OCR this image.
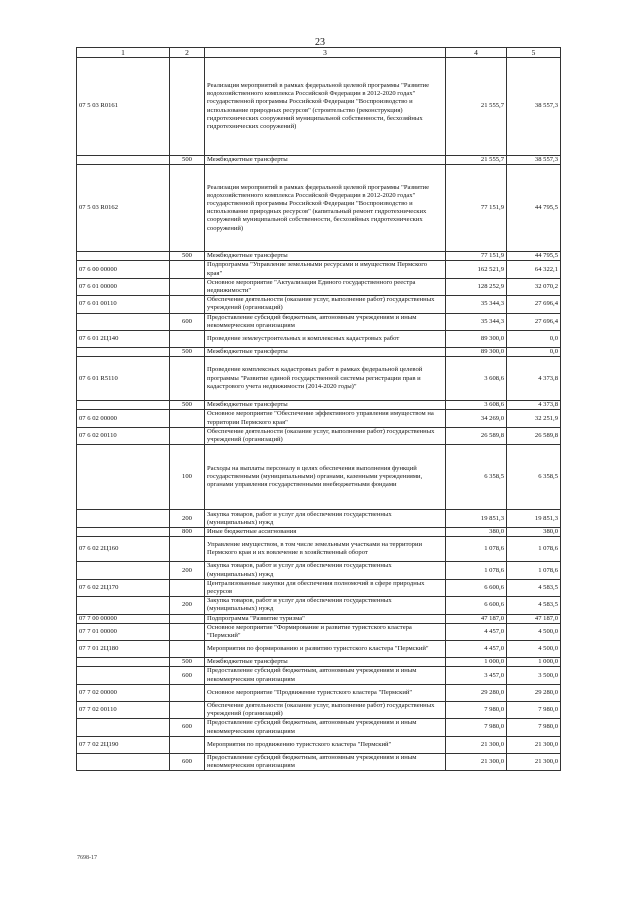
23
1	2	3	4	5
07 5 03 R0161		Реализация мероприятий в рамках федеральной целевой программы "Развитие водохозяйственного комплекса Российской Федерации в 2012-2020 годах" государственной программы Российской Федерации "Воспроизводство и использование природных ресурсов" (строительство (реконструкция) гидротехнических сооружений муниципальной собственности, бесхозяйных гидротехнических сооружений)	21 555,7	38 557,3
	500	Межбюджетные трансферты	21 555,7	38 557,3
07 5 03 R0162		Реализация мероприятий в рамках федеральной целевой программы "Развитие водохозяйственного комплекса Российской Федерации в 2012-2020 годах" государственной программы Российской Федерации "Воспроизводство и использование природных ресурсов" (капитальный ремонт гидротехнических сооружений муниципальной собственности, бесхозяйных гидротехнических сооружений)	77 151,9	44 795,5
	500	Межбюджетные трансферты	77 151,9	44 795,5
07 6 00 00000		Подпрограмма "Управление земельными ресурсами и имуществом Пермского края"	162 521,9	64 322,1
07 6 01 00000		Основное мероприятие "Актуализация Единого государственного реестра недвижимости"	128 252,9	32 070,2
07 6 01 00110		Обеспечение деятельности (оказание услуг, выполнение работ) государственных учреждений (организаций)	35 344,3	27 696,4
	600	Предоставление субсидий бюджетным, автономным учреждениям и иным некоммерческим организациям	35 344,3	27 696,4
07 6 01 2Ц140		Проведение землеустроительных и комплексных кадастровых работ	89 300,0	0,0
	500	Межбюджетные трансферты	89 300,0	0,0
07 6 01 R5110		Проведение комплексных кадастровых работ в рамках федеральной целевой программы "Развитие единой государственной системы регистрации прав и кадастрового учета недвижимости (2014-2020 годы)"	3 608,6	4 373,8
	500	Межбюджетные трансферты	3 608,6	4 373,8
07 6 02 00000		Основное мероприятие "Обеспечение эффективного управления имуществом на территории Пермского края"	34 269,0	32 251,9
07 6 02 00110		Обеспечение деятельности (оказание услуг, выполнение работ) государственных учреждений (организаций)	26 589,8	26 589,8
	100	Расходы на выплаты персоналу в целях обеспечения выполнения функций государственными (муниципальными) органами, казенными учреждениями, органами управления государственными внебюджетными фондами	6 358,5	6 358,5
	200	Закупка товаров, работ и услуг для обеспечения государственных (муниципальных) нужд	19 851,3	19 851,3
	800	Иные бюджетные ассигнования	380,0	380,0
07 6 02 2Ц160		Управление имуществом, в том числе земельными участками на территории Пермского края и их вовлечение в хозяйственный оборот	1 078,6	1 078,6
	200	Закупка товаров, работ и услуг для обеспечения государственных (муниципальных) нужд	1 078,6	1 078,6
07 6 02 2Ц170		Централизованные закупки для обеспечения полномочий в сфере природных ресурсов	6 600,6	4 583,5
	200	Закупка товаров, работ и услуг для обеспечения государственных (муниципальных) нужд	6 600,6	4 583,5
07 7 00 00000		Подпрограмма "Развитие туризма"	47 187,0	47 187,0
07 7 01 00000		Основное мероприятие "Формирование и развитие туристского кластера "Пермский"	4 457,0	4 500,0
07 7 01 2Ц180		Мероприятия по формированию и развитию туристского кластера "Пермский"	4 457,0	4 500,0
	500	Межбюджетные трансферты	1 000,0	1 000,0
	600	Предоставление субсидий бюджетным, автономным учреждениям и иным некоммерческим организациям	3 457,0	3 500,0
07 7 02 00000		Основное мероприятие "Продвижение туристского кластера "Пермский"	29 280,0	29 280,0
07 7 02 00110		Обеспечение деятельности (оказание услуг, выполнение работ) государственных учреждений (организаций)	7 980,0	7 980,0
	600	Предоставление субсидий бюджетным, автономным учреждениям и иным некоммерческим организациям	7 980,0	7 980,0
07 7 02 2Ц190		Мероприятия по продвижению туристского кластера "Пермский"	21 300,0	21 300,0
	600	Предоставление субсидий бюджетным, автономным учреждениям и иным некоммерческим организациям	21 300,0	21 300,0
7698-17
